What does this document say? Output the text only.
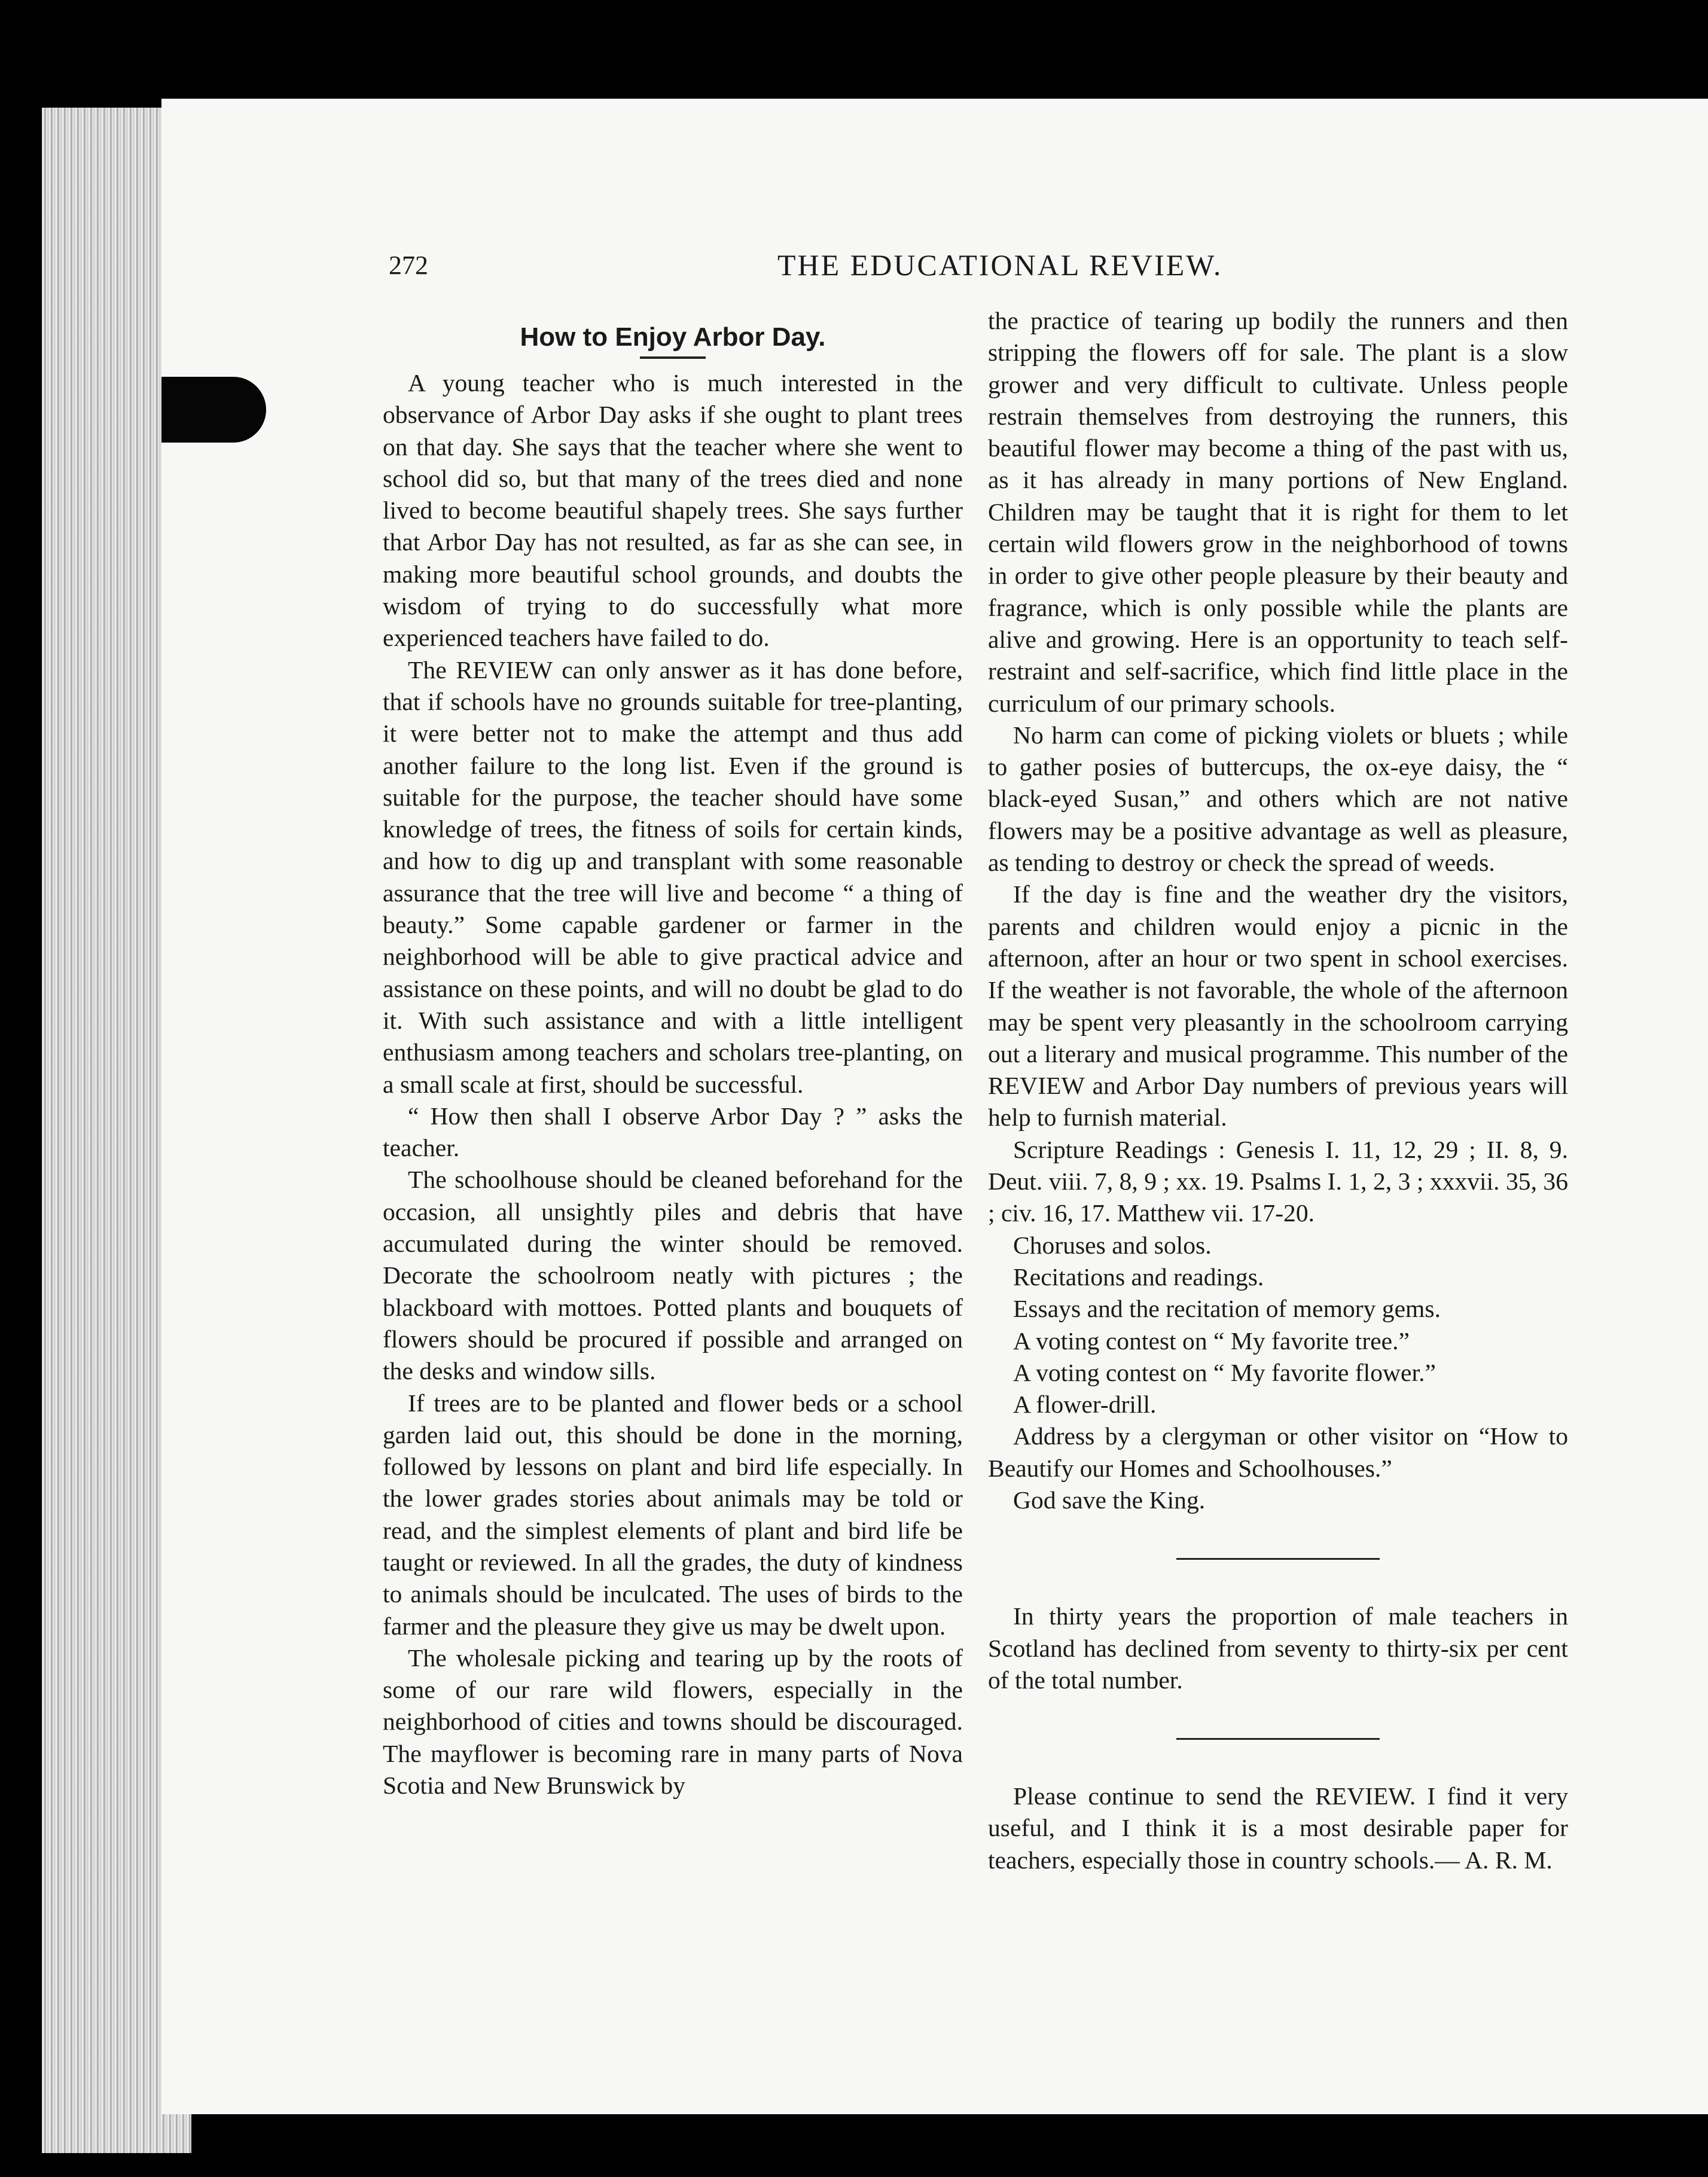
272	THE EDUCATIONAL REVIEW.
How to Enjoy Arbor Day.

A young teacher who is much interested in the observance of Arbor Day asks if she ought to plant trees on that day. She says that the teacher where she went to school did so, but that many of the trees died and none lived to become beautiful shapely trees. She says further that Arbor Day has not resulted, as far as she can see, in making more beautiful school grounds, and doubts the wisdom of trying to do successfully what more experienced teachers have failed to do.

The REVIEW can only answer as it has done before, that if schools have no grounds suitable for tree-planting, it were better not to make the attempt and thus add another failure to the long list. Even if the ground is suitable for the purpose, the teacher should have some knowledge of trees, the fitness of soils for certain kinds, and how to dig up and transplant with some reasonable assurance that the tree will live and become “ a thing of beauty.” Some capable gardener or farmer in the neighborhood will be able to give practical advice and assistance on these points, and will no doubt be glad to do it. With such assistance and with a little intelligent enthusiasm among teachers and scholars tree-planting, on a small scale at first, should be successful.

“ How then shall I observe Arbor Day ? ” asks the teacher.

The schoolhouse should be cleaned beforehand for the occasion, all unsightly piles and debris that have accumulated during the winter should be removed. Decorate the schoolroom neatly with pictures ; the blackboard with mottoes. Potted plants and bouquets of flowers should be procured if possible and arranged on the desks and window sills.

If trees are to be planted and flower beds or a school garden laid out, this should be done in the morning, followed by lessons on plant and bird life especially. In the lower grades stories about animals may be told or read, and the simplest elements of plant and bird life be taught or reviewed. In all the grades, the duty of kindness to animals should be inculcated. The uses of birds to the farmer and the pleasure they give us may be dwelt upon.

The wholesale picking and tearing up by the roots of some of our rare wild flowers, especially in the neighborhood of cities and towns should be discouraged. The mayflower is becoming rare in many parts of Nova Scotia and New Brunswick by

the practice of tearing up bodily the runners and then stripping the flowers off for sale. The plant is a slow grower and very difficult to cultivate. Unless people restrain themselves from destroying the runners, this beautiful flower may become a thing of the past with us, as it has already in many portions of New England. Children may be taught that it is right for them to let certain wild flowers grow in the neighborhood of towns in order to give other people pleasure by their beauty and fragrance, which is only possible while the plants are alive and growing. Here is an opportunity to teach self-restraint and self-sacrifice, which find little place in the curriculum of our primary schools.

No harm can come of picking violets or bluets ; while to gather posies of buttercups, the ox-eye daisy, the “ black-eyed Susan,” and others which are not native flowers may be a positive advantage as well as pleasure, as tending to destroy or check the spread of weeds.

If the day is fine and the weather dry the visitors, parents and children would enjoy a picnic in the afternoon, after an hour or two spent in school exercises. If the weather is not favorable, the whole of the afternoon may be spent very pleasantly in the schoolroom carrying out a literary and musical programme. This number of the REVIEW and Arbor Day numbers of previous years will help to furnish material.

Scripture Readings : Genesis I. 11, 12, 29 ; II. 8, 9. Deut. viii. 7, 8, 9 ; xx. 19. Psalms I. 1, 2, 3 ; xxxvii. 35, 36 ; civ. 16, 17. Matthew vii. 17-20.

Choruses and solos.
Recitations and readings.
Essays and the recitation of memory gems.
A voting contest on “ My favorite tree.”
A voting contest on “ My favorite flower.”
A flower-drill.

Address by a clergyman or other visitor on “How to Beautify our Homes and Schoolhouses.”

God save the King.

In thirty years the proportion of male teachers in Scotland has declined from seventy to thirty-six per cent of the total number.

Please continue to send the REVIEW. I find it very useful, and I think it is a most desirable paper for teachers, especially those in country schools.— A. R. M.
